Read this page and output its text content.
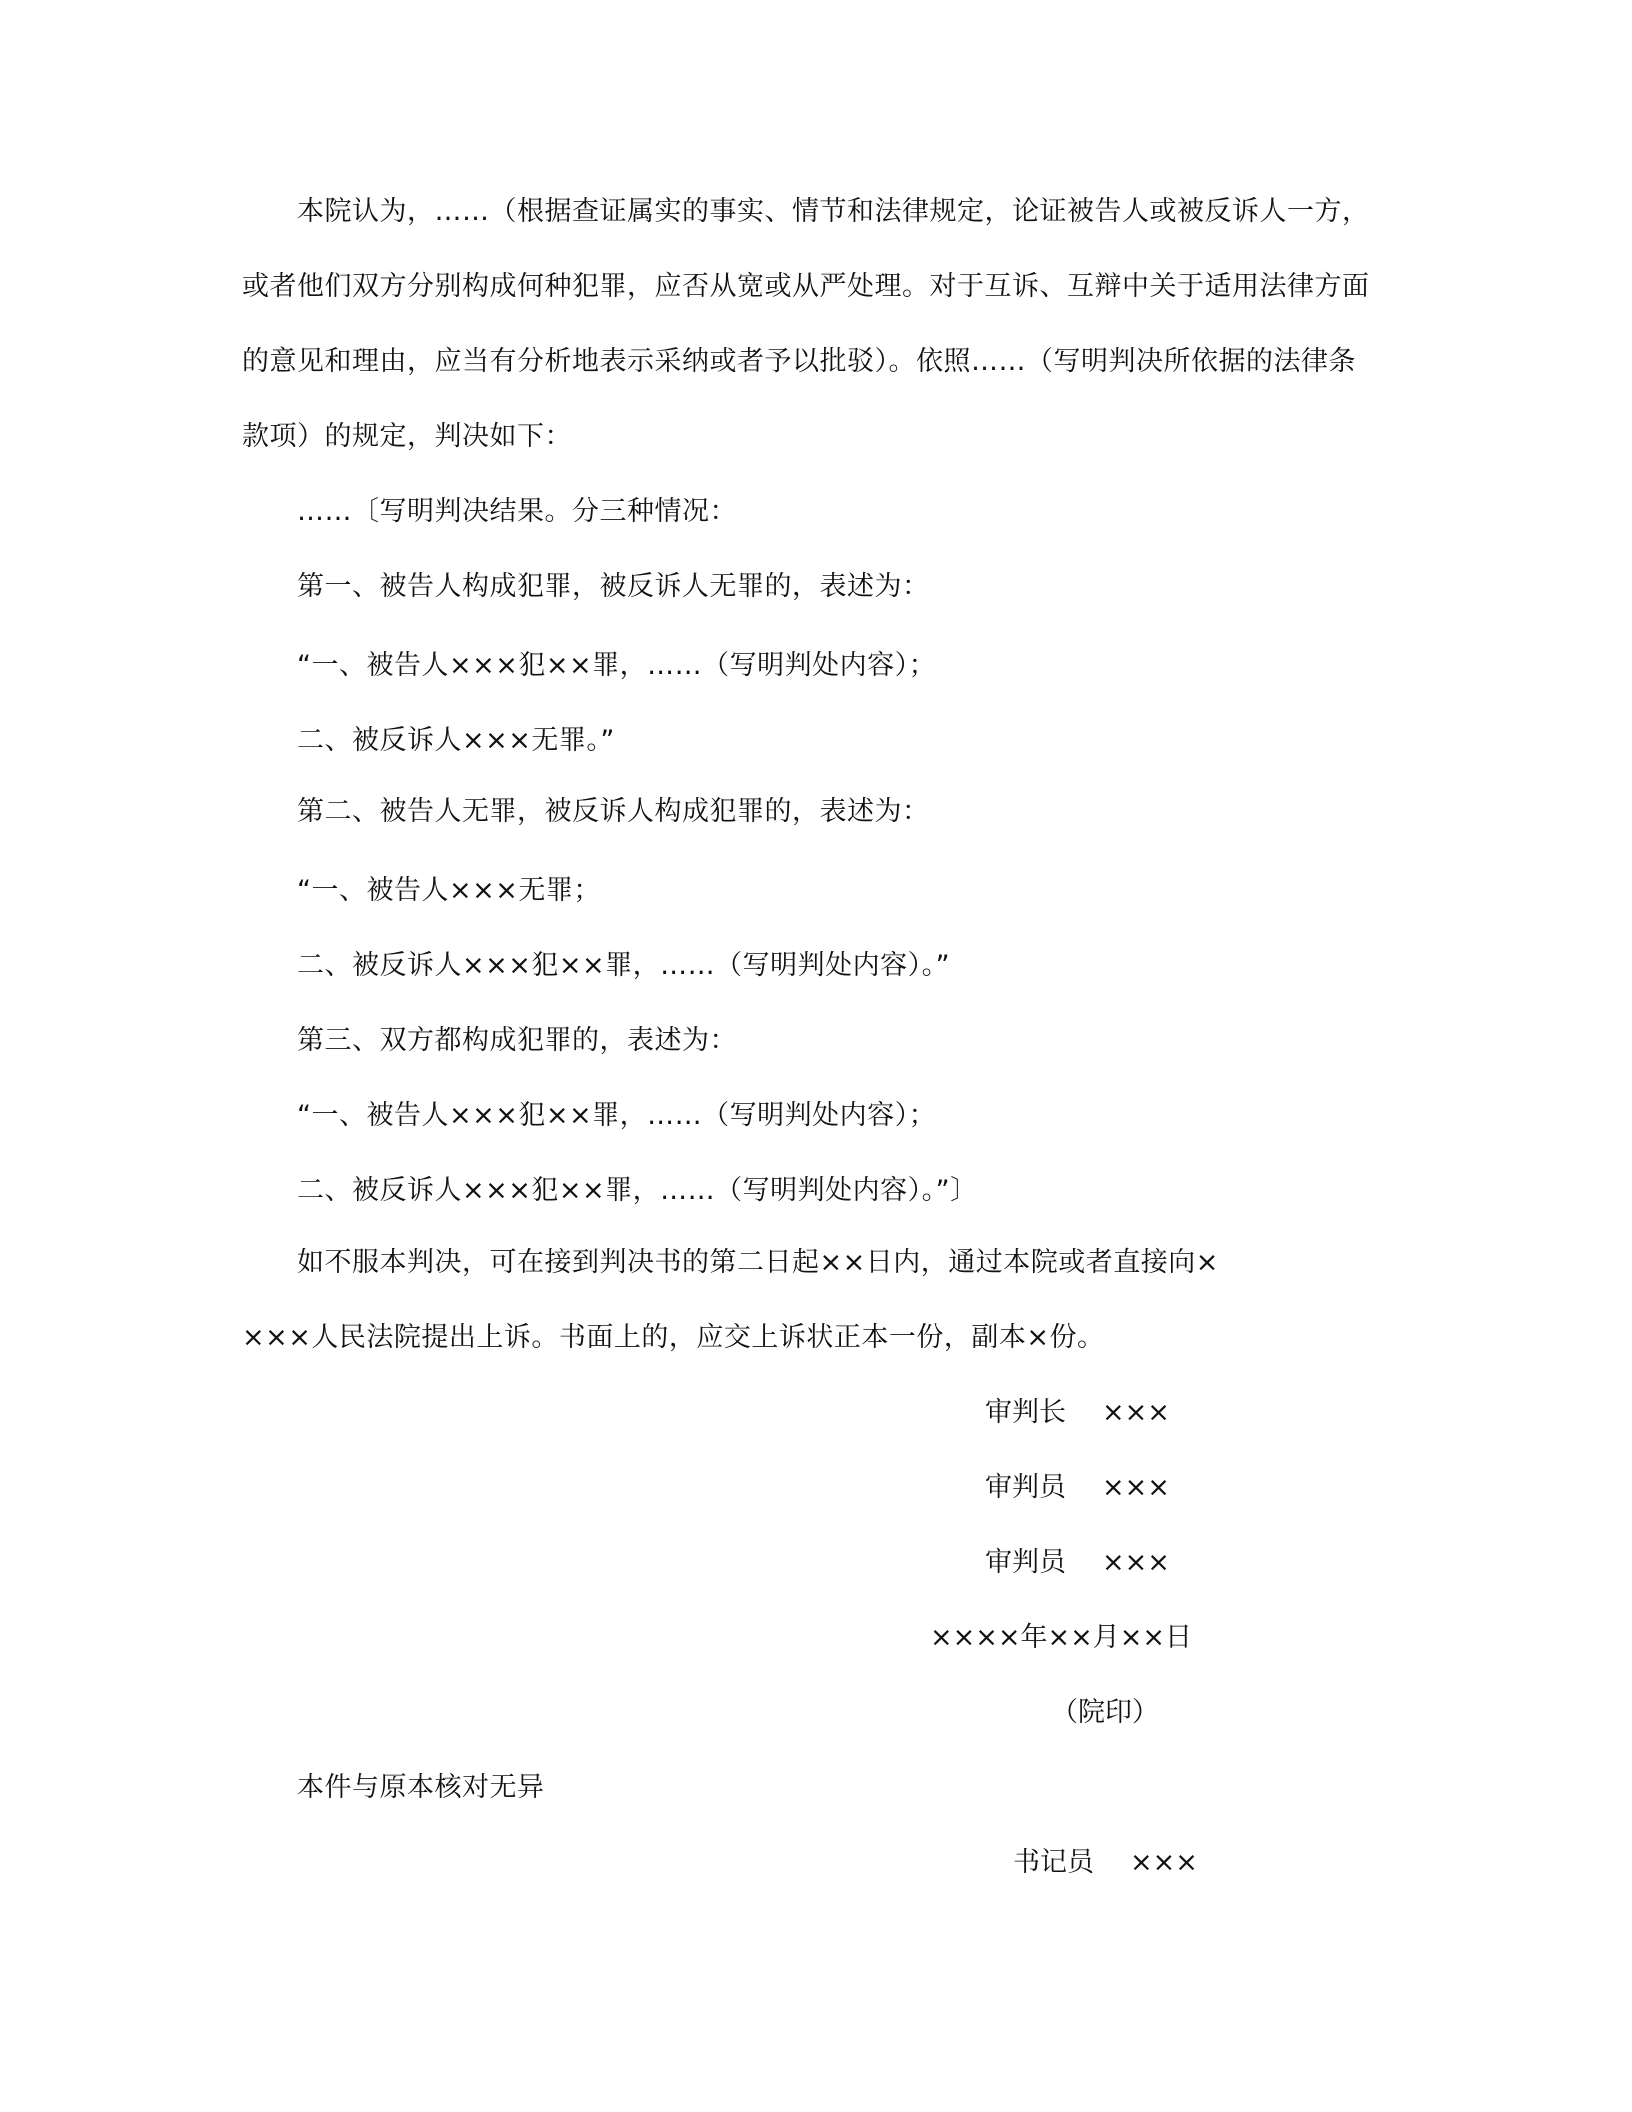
本院认为，……（根据查证属实的事实、情节和法律规定，论证被告人或被反诉人一方，
或者他们双方分别构成何种犯罪，应否从宽或从严处理。对于互诉、互辩中关于适用法律方面
的意见和理由，应当有分析地表示采纳或者予以批驳）。依照……（写明判决所依据的法律条
款项）的规定，判决如下：
……〔写明判决结果。分三种情况：
第一、被告人构成犯罪，被反诉人无罪的，表述为：
“一、被告人×××犯××罪，……（写明判处内容）；
二、被反诉人×××无罪。”
第二、被告人无罪，被反诉人构成犯罪的，表述为：
“一、被告人×××无罪；
二、被反诉人×××犯××罪，……（写明判处内容）。”
第三、双方都构成犯罪的，表述为：
“一、被告人×××犯××罪，……（写明判处内容）；
二、被反诉人×××犯××罪，……（写明判处内容）。”〕
如不服本判决，可在接到判决书的第二日起××日内，通过本院或者直接向×
×××人民法院提出上诉。书面上的，应交上诉状正本一份，副本×份。
审判长 ×××
审判员 ×××
审判员 ×××
××××年××月××日
（院印）
本件与原本核对无异
书记员 ×××
